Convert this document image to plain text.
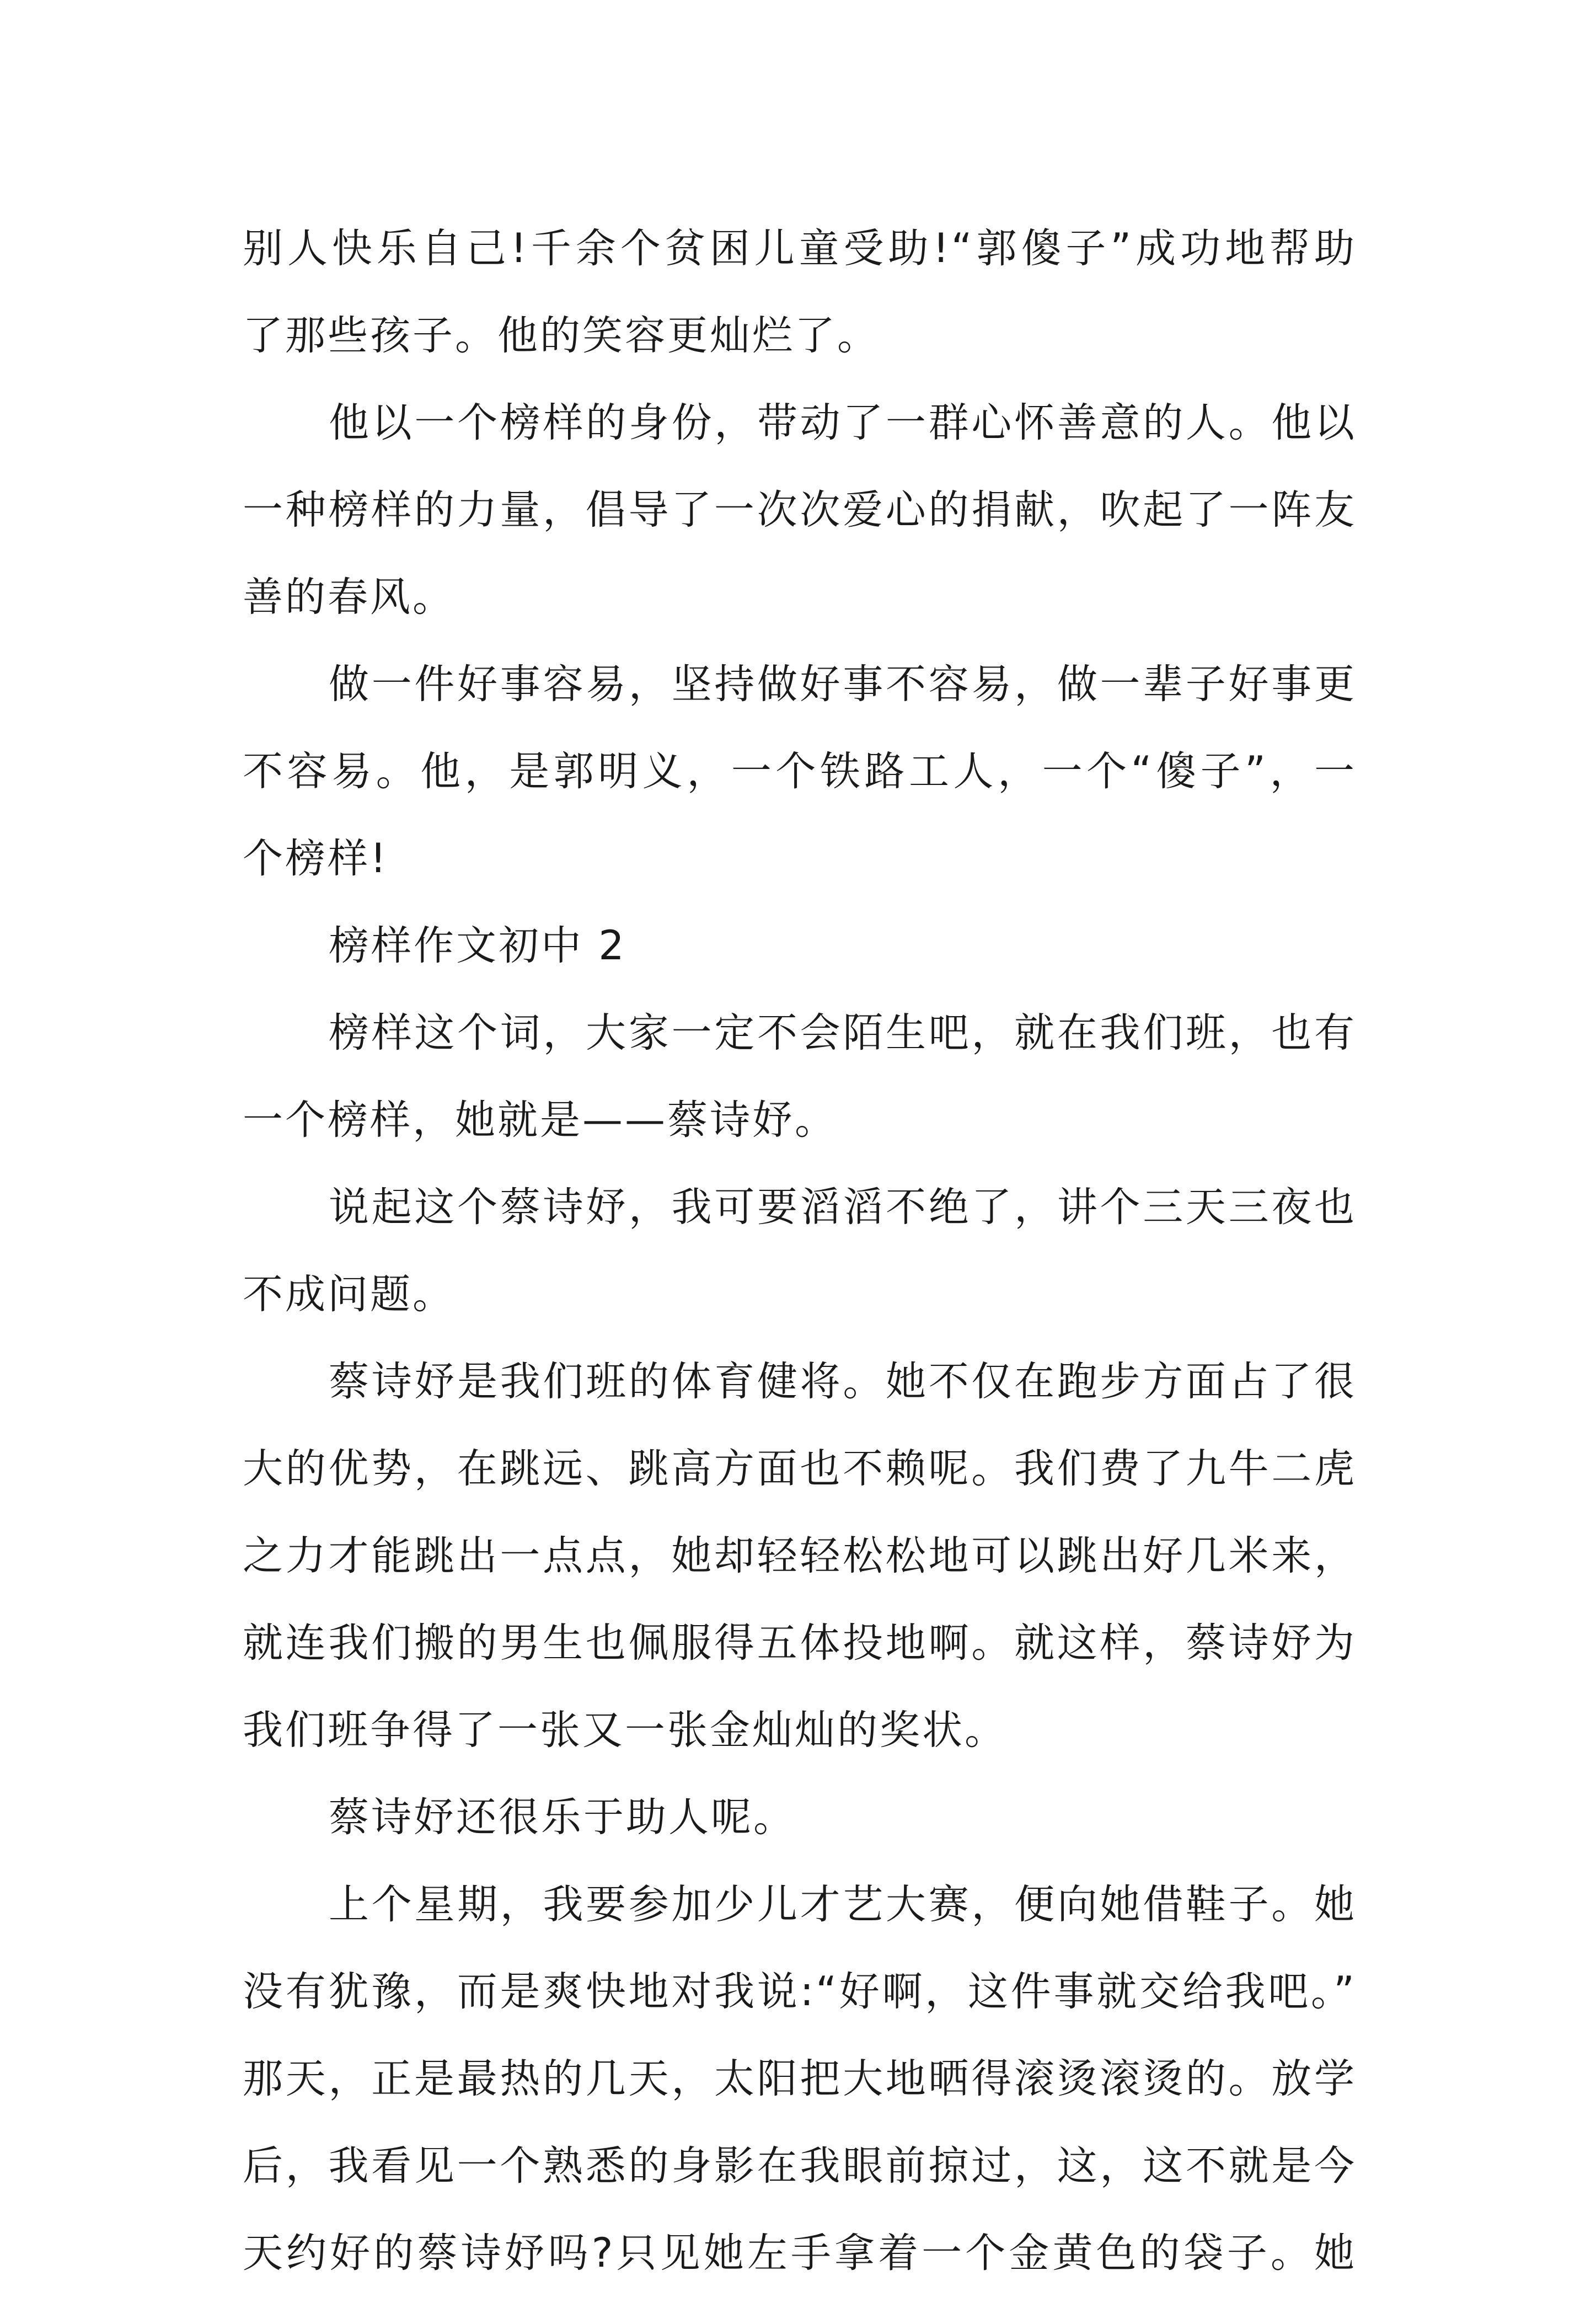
别人快乐自己!千余个贫困儿童受助!“郭傻子”成功地帮助
了那些孩子。他的笑容更灿烂了。
他以一个榜样的身份，带动了一群心怀善意的人。他以
一种榜样的力量，倡导了一次次爱心的捐献，吹起了一阵友
善的春风。
做一件好事容易，坚持做好事不容易，做一辈子好事更
不容易。他，是郭明义，一个铁路工人，一个“傻子”，一
个榜样!
榜样作文初中 2
榜样这个词，大家一定不会陌生吧，就在我们班，也有
一个榜样，她就是——蔡诗妤。
说起这个蔡诗妤，我可要滔滔不绝了，讲个三天三夜也
不成问题。
蔡诗妤是我们班的体育健将。她不仅在跑步方面占了很
大的优势，在跳远、跳高方面也不赖呢。我们费了九牛二虎
之力才能跳出一点点，她却轻轻松松地可以跳出好几米来，
就连我们搬的男生也佩服得五体投地啊。就这样，蔡诗妤为
我们班争得了一张又一张金灿灿的奖状。
蔡诗妤还很乐于助人呢。
上个星期，我要参加少儿才艺大赛，便向她借鞋子。她
没有犹豫，而是爽快地对我说:“好啊，这件事就交给我吧。”
那天，正是最热的几天，太阳把大地晒得滚烫滚烫的。放学
后，我看见一个熟悉的身影在我眼前掠过，这，这不就是今
天约好的蔡诗妤吗?只见她左手拿着一个金黄色的袋子。她
